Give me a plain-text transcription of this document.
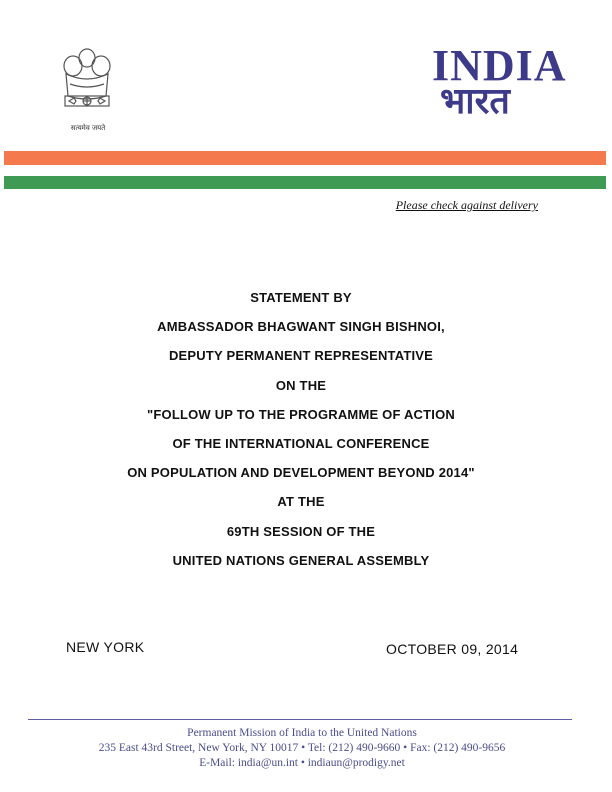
सत्यमेव जयते
INDIA
भारत
Please check against delivery
STATEMENT BY
AMBASSADOR BHAGWANT SINGH BISHNOI,
DEPUTY PERMANENT REPRESENTATIVE
ON THE
"FOLLOW UP TO THE PROGRAMME OF ACTION
OF THE INTERNATIONAL CONFERENCE
ON POPULATION AND DEVELOPMENT BEYOND 2014"
AT THE
69TH SESSION OF THE
UNITED NATIONS GENERAL ASSEMBLY
NEW YORK	OCTOBER 09, 2014
Permanent Mission of India to the United Nations
235 East 43rd Street, New York, NY 10017 • Tel: (212) 490-9660 • Fax: (212) 490-9656
E-Mail: india@un.int • indiaun@prodigy.net
